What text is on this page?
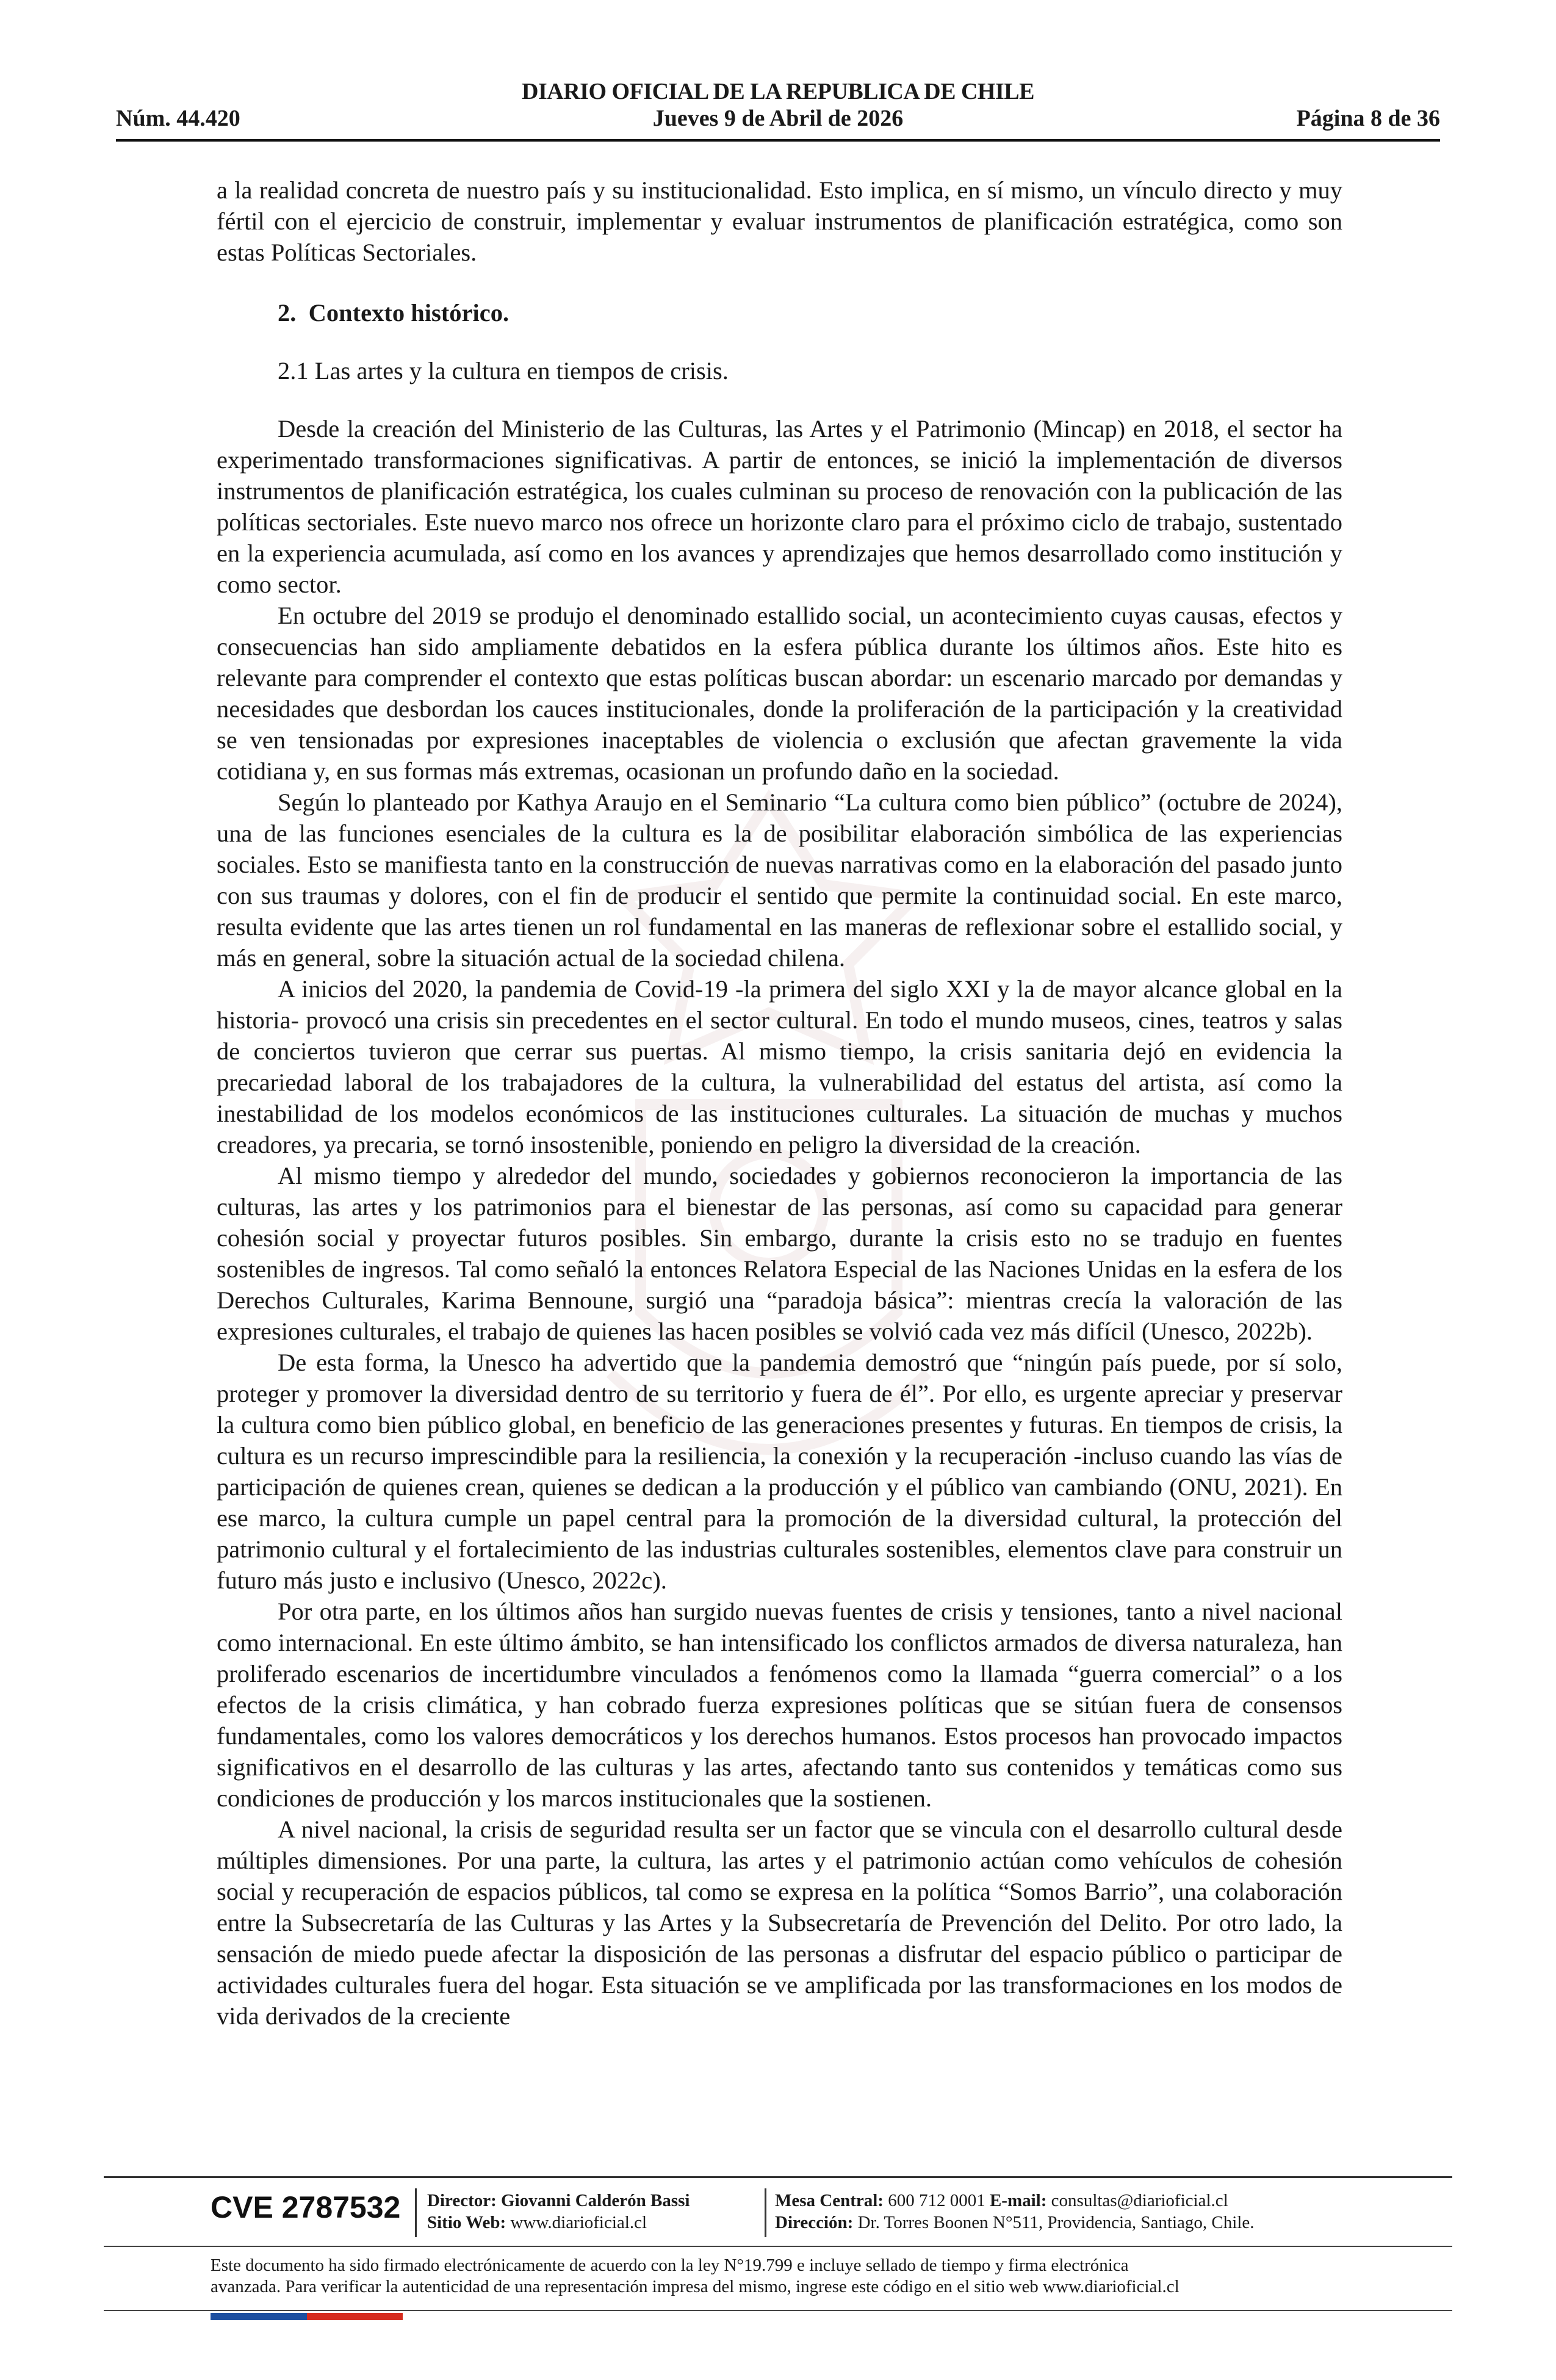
DIARIO OFICIAL DE LA REPUBLICA DE CHILE
Núm. 44.420	Jueves 9 de Abril de 2026	Página 8 de 36

a la realidad concreta de nuestro país y su institucionalidad. Esto implica, en sí mismo, un vínculo directo y muy fértil con el ejercicio de construir, implementar y evaluar instrumentos de planificación estratégica, como son estas Políticas Sectoriales.

2. Contexto histórico.

2.1 Las artes y la cultura en tiempos de crisis.

Desde la creación del Ministerio de las Culturas, las Artes y el Patrimonio (Mincap) en 2018, el sector ha experimentado transformaciones significativas. A partir de entonces, se inició la implementación de diversos instrumentos de planificación estratégica, los cuales culminan su proceso de renovación con la publicación de las políticas sectoriales. Este nuevo marco nos ofrece un horizonte claro para el próximo ciclo de trabajo, sustentado en la experiencia acumulada, así como en los avances y aprendizajes que hemos desarrollado como institución y como sector.

En octubre del 2019 se produjo el denominado estallido social, un acontecimiento cuyas causas, efectos y consecuencias han sido ampliamente debatidos en la esfera pública durante los últimos años. Este hito es relevante para comprender el contexto que estas políticas buscan abordar: un escenario marcado por demandas y necesidades que desbordan los cauces institucionales, donde la proliferación de la participación y la creatividad se ven tensionadas por expresiones inaceptables de violencia o exclusión que afectan gravemente la vida cotidiana y, en sus formas más extremas, ocasionan un profundo daño en la sociedad.

Según lo planteado por Kathya Araujo en el Seminario “La cultura como bien público” (octubre de 2024), una de las funciones esenciales de la cultura es la de posibilitar elaboración simbólica de las experiencias sociales. Esto se manifiesta tanto en la construcción de nuevas narrativas como en la elaboración del pasado junto con sus traumas y dolores, con el fin de producir el sentido que permite la continuidad social. En este marco, resulta evidente que las artes tienen un rol fundamental en las maneras de reflexionar sobre el estallido social, y más en general, sobre la situación actual de la sociedad chilena.

A inicios del 2020, la pandemia de Covid-19 -la primera del siglo XXI y la de mayor alcance global en la historia- provocó una crisis sin precedentes en el sector cultural. En todo el mundo museos, cines, teatros y salas de conciertos tuvieron que cerrar sus puertas. Al mismo tiempo, la crisis sanitaria dejó en evidencia la precariedad laboral de los trabajadores de la cultura, la vulnerabilidad del estatus del artista, así como la inestabilidad de los modelos económicos de las instituciones culturales. La situación de muchas y muchos creadores, ya precaria, se tornó insostenible, poniendo en peligro la diversidad de la creación.

Al mismo tiempo y alrededor del mundo, sociedades y gobiernos reconocieron la importancia de las culturas, las artes y los patrimonios para el bienestar de las personas, así como su capacidad para generar cohesión social y proyectar futuros posibles. Sin embargo, durante la crisis esto no se tradujo en fuentes sostenibles de ingresos. Tal como señaló la entonces Relatora Especial de las Naciones Unidas en la esfera de los Derechos Culturales, Karima Bennoune, surgió una “paradoja básica”: mientras crecía la valoración de las expresiones culturales, el trabajo de quienes las hacen posibles se volvió cada vez más difícil (Unesco, 2022b).

De esta forma, la Unesco ha advertido que la pandemia demostró que “ningún país puede, por sí solo, proteger y promover la diversidad dentro de su territorio y fuera de él”. Por ello, es urgente apreciar y preservar la cultura como bien público global, en beneficio de las generaciones presentes y futuras. En tiempos de crisis, la cultura es un recurso imprescindible para la resiliencia, la conexión y la recuperación -incluso cuando las vías de participación de quienes crean, quienes se dedican a la producción y el público van cambiando (ONU, 2021). En ese marco, la cultura cumple un papel central para la promoción de la diversidad cultural, la protección del patrimonio cultural y el fortalecimiento de las industrias culturales sostenibles, elementos clave para construir un futuro más justo e inclusivo (Unesco, 2022c).

Por otra parte, en los últimos años han surgido nuevas fuentes de crisis y tensiones, tanto a nivel nacional como internacional. En este último ámbito, se han intensificado los conflictos armados de diversa naturaleza, han proliferado escenarios de incertidumbre vinculados a fenómenos como la llamada “guerra comercial” o a los efectos de la crisis climática, y han cobrado fuerza expresiones políticas que se sitúan fuera de consensos fundamentales, como los valores democráticos y los derechos humanos. Estos procesos han provocado impactos significativos en el desarrollo de las culturas y las artes, afectando tanto sus contenidos y temáticas como sus condiciones de producción y los marcos institucionales que la sostienen.

A nivel nacional, la crisis de seguridad resulta ser un factor que se vincula con el desarrollo cultural desde múltiples dimensiones. Por una parte, la cultura, las artes y el patrimonio actúan como vehículos de cohesión social y recuperación de espacios públicos, tal como se expresa en la política “Somos Barrio”, una colaboración entre la Subsecretaría de las Culturas y las Artes y la Subsecretaría de Prevención del Delito. Por otro lado, la sensación de miedo puede afectar la disposición de las personas a disfrutar del espacio público o participar de actividades culturales fuera del hogar. Esta situación se ve amplificada por las transformaciones en los modos de vida derivados de la creciente

CVE 2787532 Director: Giovanni Calderón Bassi
Sitio Web: www.diarioficial.cl
Mesa Central: 600 712 0001 E-mail: consultas@diarioficial.cl
Dirección: Dr. Torres Boonen N°511, Providencia, Santiago, Chile.
Este documento ha sido firmado electrónicamente de acuerdo con la ley N°19.799 e incluye sellado de tiempo y firma electrónica
avanzada. Para verificar la autenticidad de una representación impresa del mismo, ingrese este código en el sitio web www.diarioficial.cl
